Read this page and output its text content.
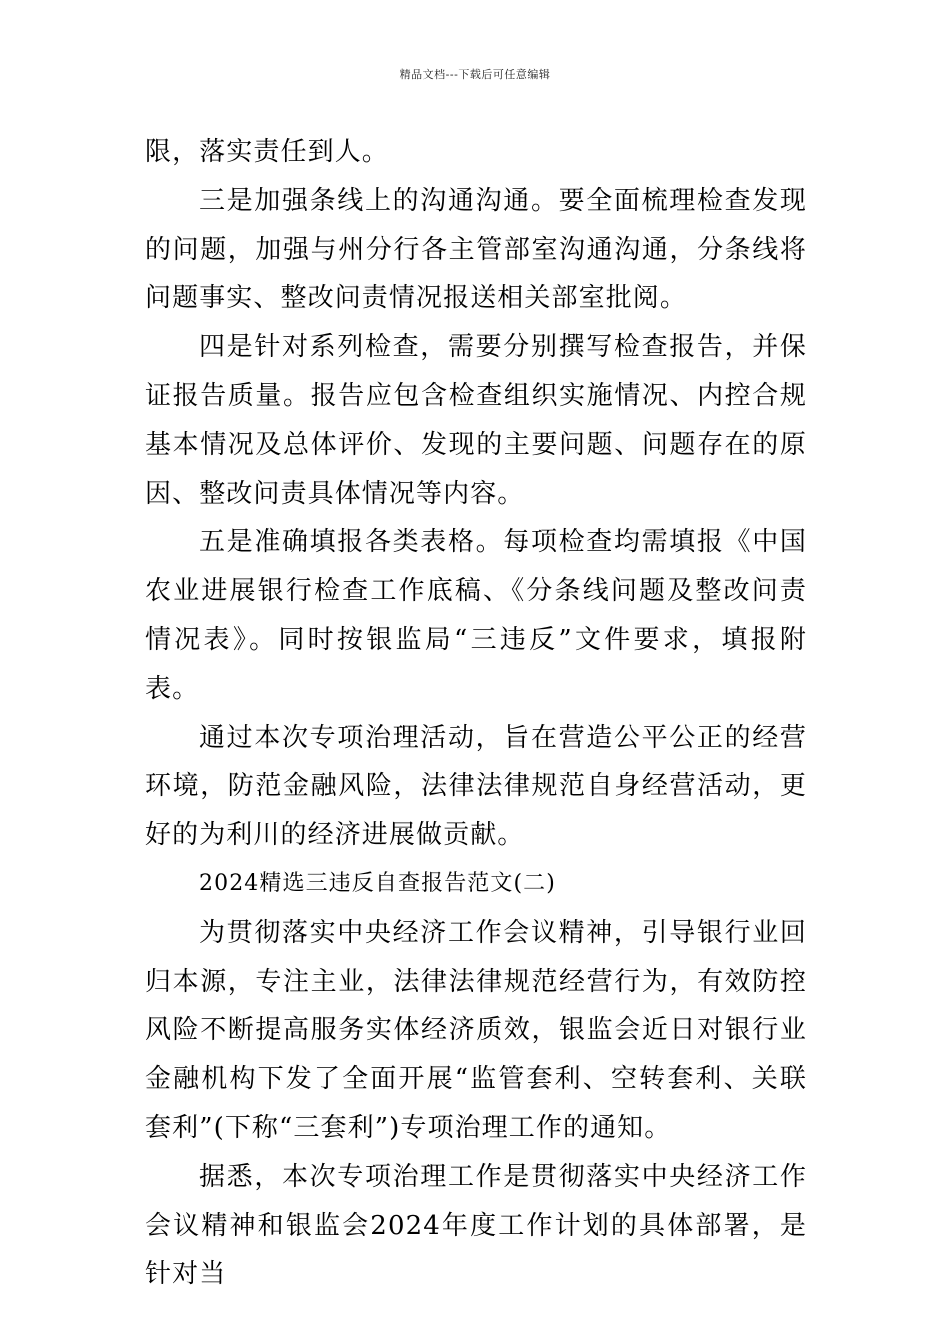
精品文档---下载后可任意编辑

限，落实责任到人。

三是加强条线上的沟通沟通。要全面梳理检查发现的问题，加强与州分行各主管部室沟通沟通，分条线将问题事实、整改问责情况报送相关部室批阅。

四是针对系列检查，需要分别撰写检查报告，并保证报告质量。报告应包含检查组织实施情况、内控合规基本情况及总体评价、发现的主要问题、问题存在的原因、整改问责具体情况等内容。

五是准确填报各类表格。每项检查均需填报《中国农业进展银行检查工作底稿、《分条线问题及整改问责情况表》。同时按银监局“三违反”文件要求，填报附表。

通过本次专项治理活动，旨在营造公平公正的经营环境，防范金融风险，法律法律规范自身经营活动，更好的为利川的经济进展做贡献。

2024精选三违反自查报告范文(二)

为贯彻落实中央经济工作会议精神，引导银行业回归本源，专注主业，法律法律规范经营行为，有效防控风险不断提高服务实体经济质效，银监会近日对银行业金融机构下发了全面开展“监管套利、空转套利、关联套利”(下称“三套利”)专项治理工作的通知。

据悉，本次专项治理工作是贯彻落实中央经济工作会议精神和银监会2024年度工作计划的具体部署，是针对当
